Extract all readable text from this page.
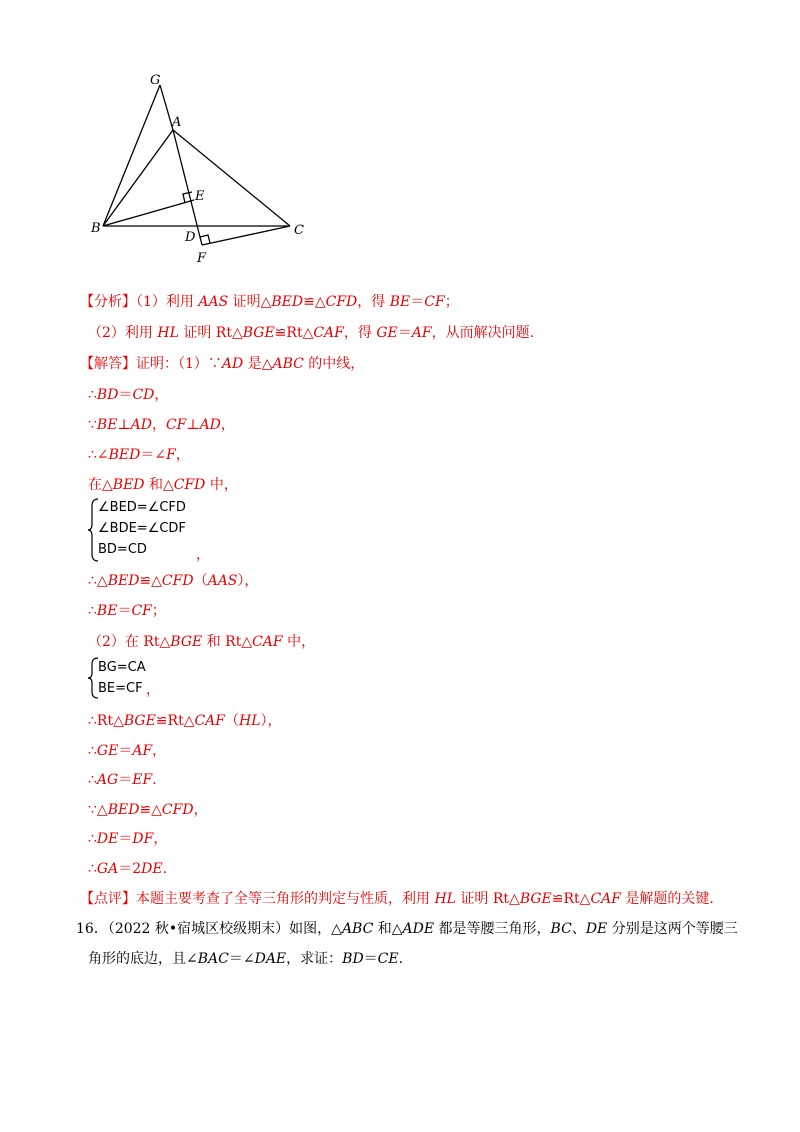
G
A
E
B
D	C
F
【分析】（1）利用 AAS 证明△BED≌△CFD，得 BE＝CF；
（2）利用 HL 证明 Rt△BGE≌Rt△CAF，得 GE＝AF，从而解决问题.
【解答】证明：（1）∵AD 是△ABC 的中线，
∴BD＝CD，
∵BE⊥AD，CF⊥AD，
∴∠BED＝∠F，
在△BED 和△CFD 中，
∠BED=∠CFD
∠BDE=∠CDF
BD=CD	，
∴△BED≌△CFD（AAS），
∴BE＝CF；
（2）在 Rt△BGE 和 Rt△CAF 中，
BG=CA
BE=CF ，
∴Rt△BGE≌Rt△CAF（HL），
∴GE＝AF，
∴AG＝EF.
∵△BED≌△CFD，
∴DE＝DF，
∴GA＝2DE.
【点评】本题主要考查了全等三角形的判定与性质，利用 HL 证明 Rt△BGE≌Rt△CAF 是解题的关键.
16．（2022 秋•宿城区校级期末）如图，△ABC 和△ADE 都是等腰三角形，BC、DE 分别是这两个等腰三
角形的底边，且∠BAC＝∠DAE，求证：BD＝CE.
